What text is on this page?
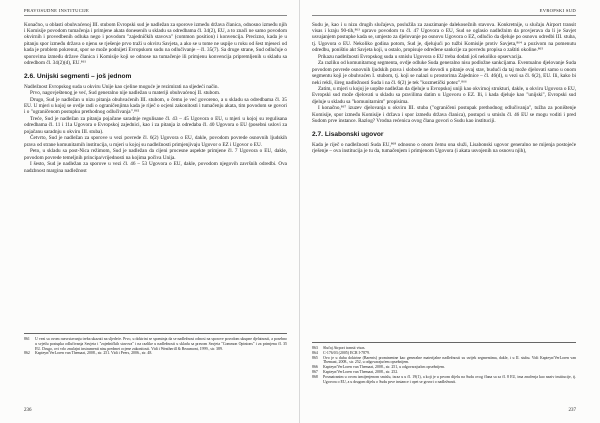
PRAVOSUDNE INSTITUCIJE

Konačno, u oblasti obuhvaćenoj III. stubom Evropski sud je nadležan za sporove između država članica, odnosno između njih i Komisije povodom tumačenja i primjene akata donesenih u skladu sa odredbama čl. 34(2), EU, a to znači ne samo povodom okvirnih i provedbenih odluka nego i povodom "zajedničkih stavova" (common position) i konvencija. Precizno, kada je u pitanju spor između država o njenu se rješenje prvo traži u okviru Savjeta, a ako se u tome ne uspije u roku od šest mjeseci od kada je problem pokrenut, spor se može podnijeti Evropskom sudu na odlučivanje – čl. 35(7). Sa druge strane, Sud odlučuje o sporovima između države članica i Komisije koji se odnose na tumačenje ili primjenu konvencija pripremljenih u skladu sa odredbom čl. 34(2)(d), EU.⁸⁶¹

2.6. Unijski segmenti – još jednom

Nadležnost Evropskog suda u okviru Unije kao cjeline moguće je rezimirati na sljedeći način.

Prvo, nagovještenog je već, Sud generalno nije nadležan u materiji obuhvaćenoj II. stubom.

Drugo, Sud je nadležan u nizu pitanja obuhvaćenih III. stubom, o čemu je već govoreno, a u skladu sa odredbama čl. 35 EU. U mjeri u kojoj se ovdje radi o ograničenjima kada je riječ o ocjeni zakonitosti i tumačenju akata, tim povodom se govori i o "ograničenom postupku prethodnog odlučivanja".⁸⁶²

Treće, Sud je nadležan za pitanja pojačane saradnje regulisane čl. 43 – 45 Ugovora o EU, u mjeri u kojoj su regulisana odredbama čl. 11 i 11a Ugovora o Evropskoj zajednici, kao i za pitanja iz odredaba čl. 40 Ugovora o EU (posebni uslovi za pojačanu saradnju u okviru III. stuba).

Četvrto, Sud je nadležan za sporove u vezi povrede čl. 6(2) Ugovora o EU, dakle, povodom povrede osnovnih ljudskih prava od strane komunitarnih institucija, u mjeri u kojoj su nadležnosti primjenjivaju Ugovor o EZ i Ugovor o EU.

Peto, u skladu sa post-Nica režimom, Sud je nadležan da cijeni procesne aspekte primjene čl. 7 Ugovora o EU, dakle, povodom povrede temeljnih principa/vrijednosti na kojima počiva Unija.

I šesto, Sud je nadležan za sporove u vezi čl. 46 – 53 Ugovora o EU, dakle, povodom njegovih završnih odredbi. Ova nadzbnost margina nadležnost

861	U vezi sa ovom razvrstavanju treba ukazati na sljedeće. Prvo, u doktrini se spominja da se nadležnost odnosi na sporove povodom ukupne djelatnosti, a posebno u svjetlu postupka odlučivanja Savjeta i "zajedničkih stavova" i na razlike u nadležnosti u skladu sa pravom Savjeta "Common Opinions" i za primjenu čl. 35 EU. Drugo, ovi vrlo značajni instrumenti nisu predmet ocjene zakonitosti. Vidi i Weatherill & Beaumont, 1999., str. 389.
862	Kapteyn/VerLoren van Themaat, 2008., str. 251. Vidi i Peers, 2006., str. 48.
236
EVROPSKI SUD

Sudu je, kao i u nizu drugih slučajeva, poslužila za zauzimanje dalekosežnih stavova. Konkretnije, u slučaju Airport transit visas i kraju 90-tih,⁸⁶³ upravo povodom tu čl. 47 Ugovora o EU, Sud se oglasio nadležnim da provjerava da li je Savjet usvajanjem postupke kada se, umjesto za djelovanje po osnovu Ugovora o EZ, odlučio da djeluje po osnovu odredbi III. stuba, tj. Ugovora o EU. Nekoliko godina potom, Sud je, djelujući po tužbi Komisije protiv Savjeta,⁸⁶⁴ a pozivom na pomenutu odredbu, poništio akt Savjeta koji, u ostalo, propisuje određene sankcije za povredu propisa o zaštiti okoline.⁸⁶⁵

Prikazu nadležnosti Evropskog suda u smislu Ugovora o EU treba dodati još nekoliko opservacija.

Za razliku od komunitarnog segmenta, ovdje odluke Suda generalno nisu podložne sankcijama. Eventualno djelovanje Suda povodom povrede osnovnih ljudskih prava i slobode ne dovodi u pitanje ovaj stav, budući da taj može djelovati samo u onom segmentu koji je obuhvaćen I. stubom, tj. koji se nalazi u prostorima Zajednice – čl. 46(d), u vezi sa čl. 6(2), EU. Ili, kako bi neki rekli, šireg nadležnosti Suda i na čl. 6(2) je tek "kozmetički potez".⁸⁶⁶

Zatim, u mjeri u kojoj je uopšte nadležan da djeluje u Evropskoj uniji kao okvirnoj strukturi, dakle, u okviru Ugovora o EU, Evropski sud može djelovati u skladu sa pravilima datim u Ugovoru o EZ. Ili, i kada djeluje kao "unijski", Evropski sud djeluje u skladu sa "komunitarnim" propisima.

I konačno,⁸⁶⁷ izuzev djelovanja u okviru III. stuba ("ograničeni postupak prethodnog odlučivanja", tužba za poništenje Komisije, spor između Komisije i država i spor između država članica), postupci u smislu čl. 46 EU se mogu voditi i pred Sudom prve instance. Razlog? Vrodna rećenica ovog člana govori o Sudu kao instituciji.

2.7. Lisabonski ugovor

Kada je riječ o nadležnosti Suda EU,⁸⁶⁸ odnosno o onom čemu ona služi, Lisabonski ugovor generalno ne mijenja postojeće rješenje – ova institucija je tu da, tumačenjem i primjenom Ugovora (i akata usvojenih na osnovu njih),

863	Slučaj Airport transit visas.
864	C-176/03 (2005) ECR I-7879.
865	Ovo je u duhu doktrine (Barents) prominentne kao generalne materijalne nadležnosti su uvijek segmentima, dakle, i u II. stubu. Vidi Kapteyn/VerLoren van Themaat, 2008., str. 252, u odgovarajućem opsežnijem.
866	Kapteyn/VerLoren van Themaat, 2008., str. 251, u odgovarajućim opsežnijem.
867	Kapteyn/VerLoren van Themaat, 2008., str. 252.
868	Posmatranim u ovom izmijenjenom smislu, izraz u u čl. 19(1), a koji je u prvom dijelu na Sudu ovog člana sa sa čl. 8 EU, ima značenja kao naziv institucije, tj. Ugovora o EU, a u drugom dijelu o Sudu prve instance i opet se govori o nadležnosti.
237
